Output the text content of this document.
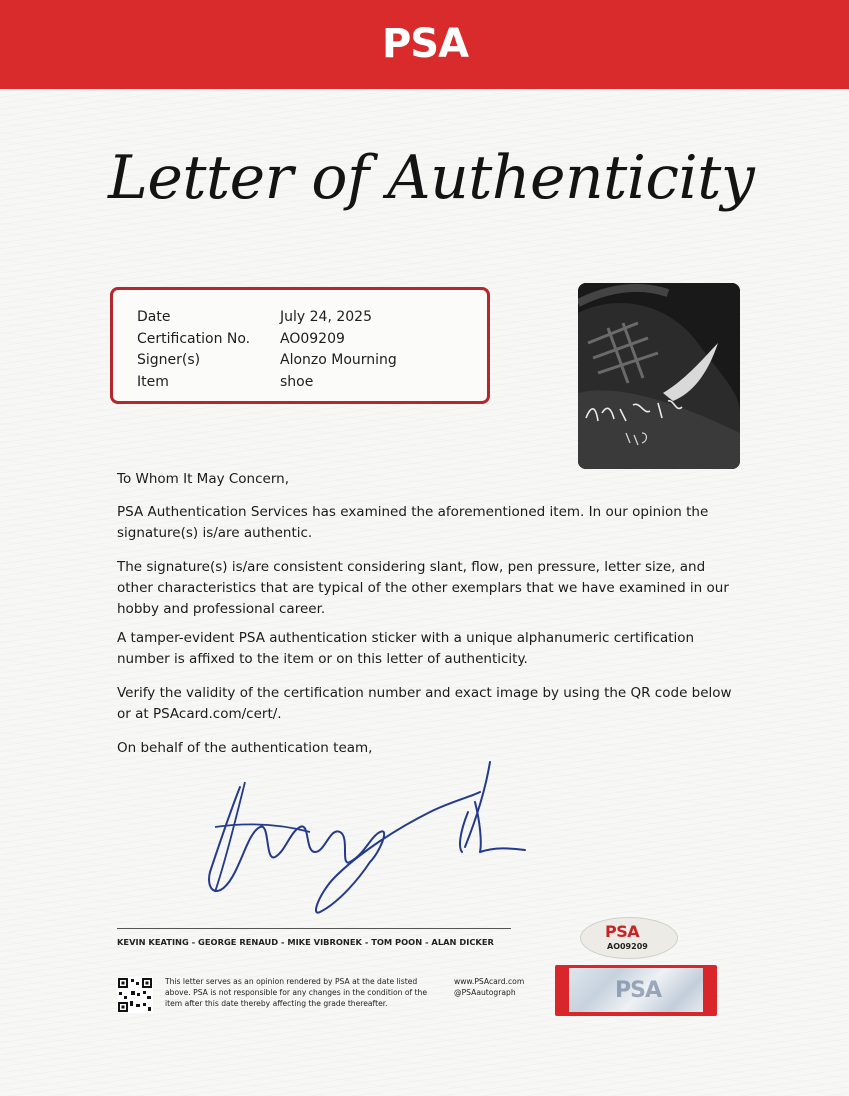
PSA
Letter of Authenticity
Date	July 24, 2025
Certification No. AO09209
Signer(s)	Alonzo Mourning
Item	shoe
To Whom It May Concern,
PSA Authentication Services has examined the aforementioned item. In our opinion the signature(s) is/are authentic.
The signature(s) is/are consistent considering slant, flow, pen pressure, letter size, and other characteristics that are typical of the other exemplars that we have examined in our hobby and professional career.
A tamper-evident PSA authentication sticker with a unique alphanumeric certification number is affixed to the item or on this letter of authenticity.
Verify the validity of the certification number and exact image by using the QR code below or at PSAcard.com/cert/.
On behalf of the authentication team,
KEVIN KEATING - GEORGE RENAUD - MIKE VIBRONEK - TOM POON - ALAN DICKER
This letter serves as an opinion rendered by PSA at the date listed above. PSA is not responsible for any changes in the condition of the item after this date thereby affecting the grade thereafter.
www.PSAcard.com
@PSAautograph
PSA
AO09209
PSA
